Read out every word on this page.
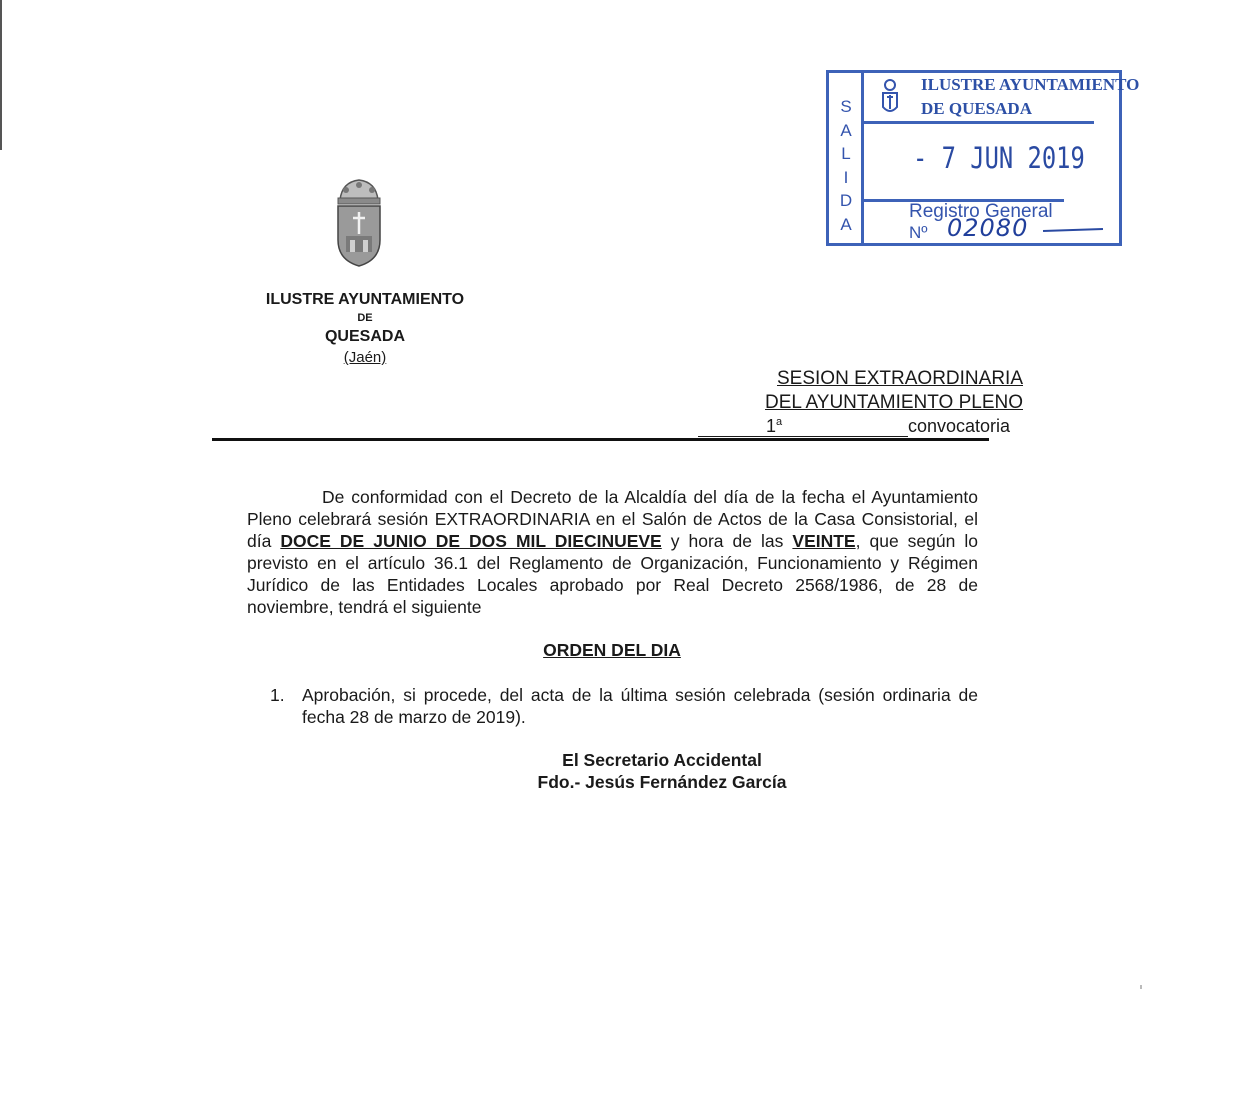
S
A
L
I
D
A
ILUSTRE AYUNTAMIENTO
DE QUESADA
- 7 JUN 2019
Registro General
Nº 02080
ILUSTRE AYUNTAMIENTO
DE
QUESADA
(Jaén)
SESION EXTRAORDINARIA
DEL AYUNTAMIENTO PLENO
1$^a$	convocatoria
De conformidad con el Decreto de la Alcaldía del día de la fecha el Ayuntamiento Pleno celebrará sesión EXTRAORDINARIA en el Salón de Actos de la Casa Consistorial, el día DOCE DE JUNIO DE DOS MIL DIECINUEVE y hora de las VEINTE, que según lo previsto en el artículo 36.1 del Reglamento de Organización, Funcionamiento y Régimen Jurídico de las Entidades Locales aprobado por Real Decreto 2568/1986, de 28 de noviembre, tendrá el siguiente
ORDEN DEL DIA
1. Aprobación, si procede, del acta de la última sesión celebrada (sesión ordinaria de fecha 28 de marzo de 2019).
El Secretario Accidental
Fdo.- Jesús Fernández García
